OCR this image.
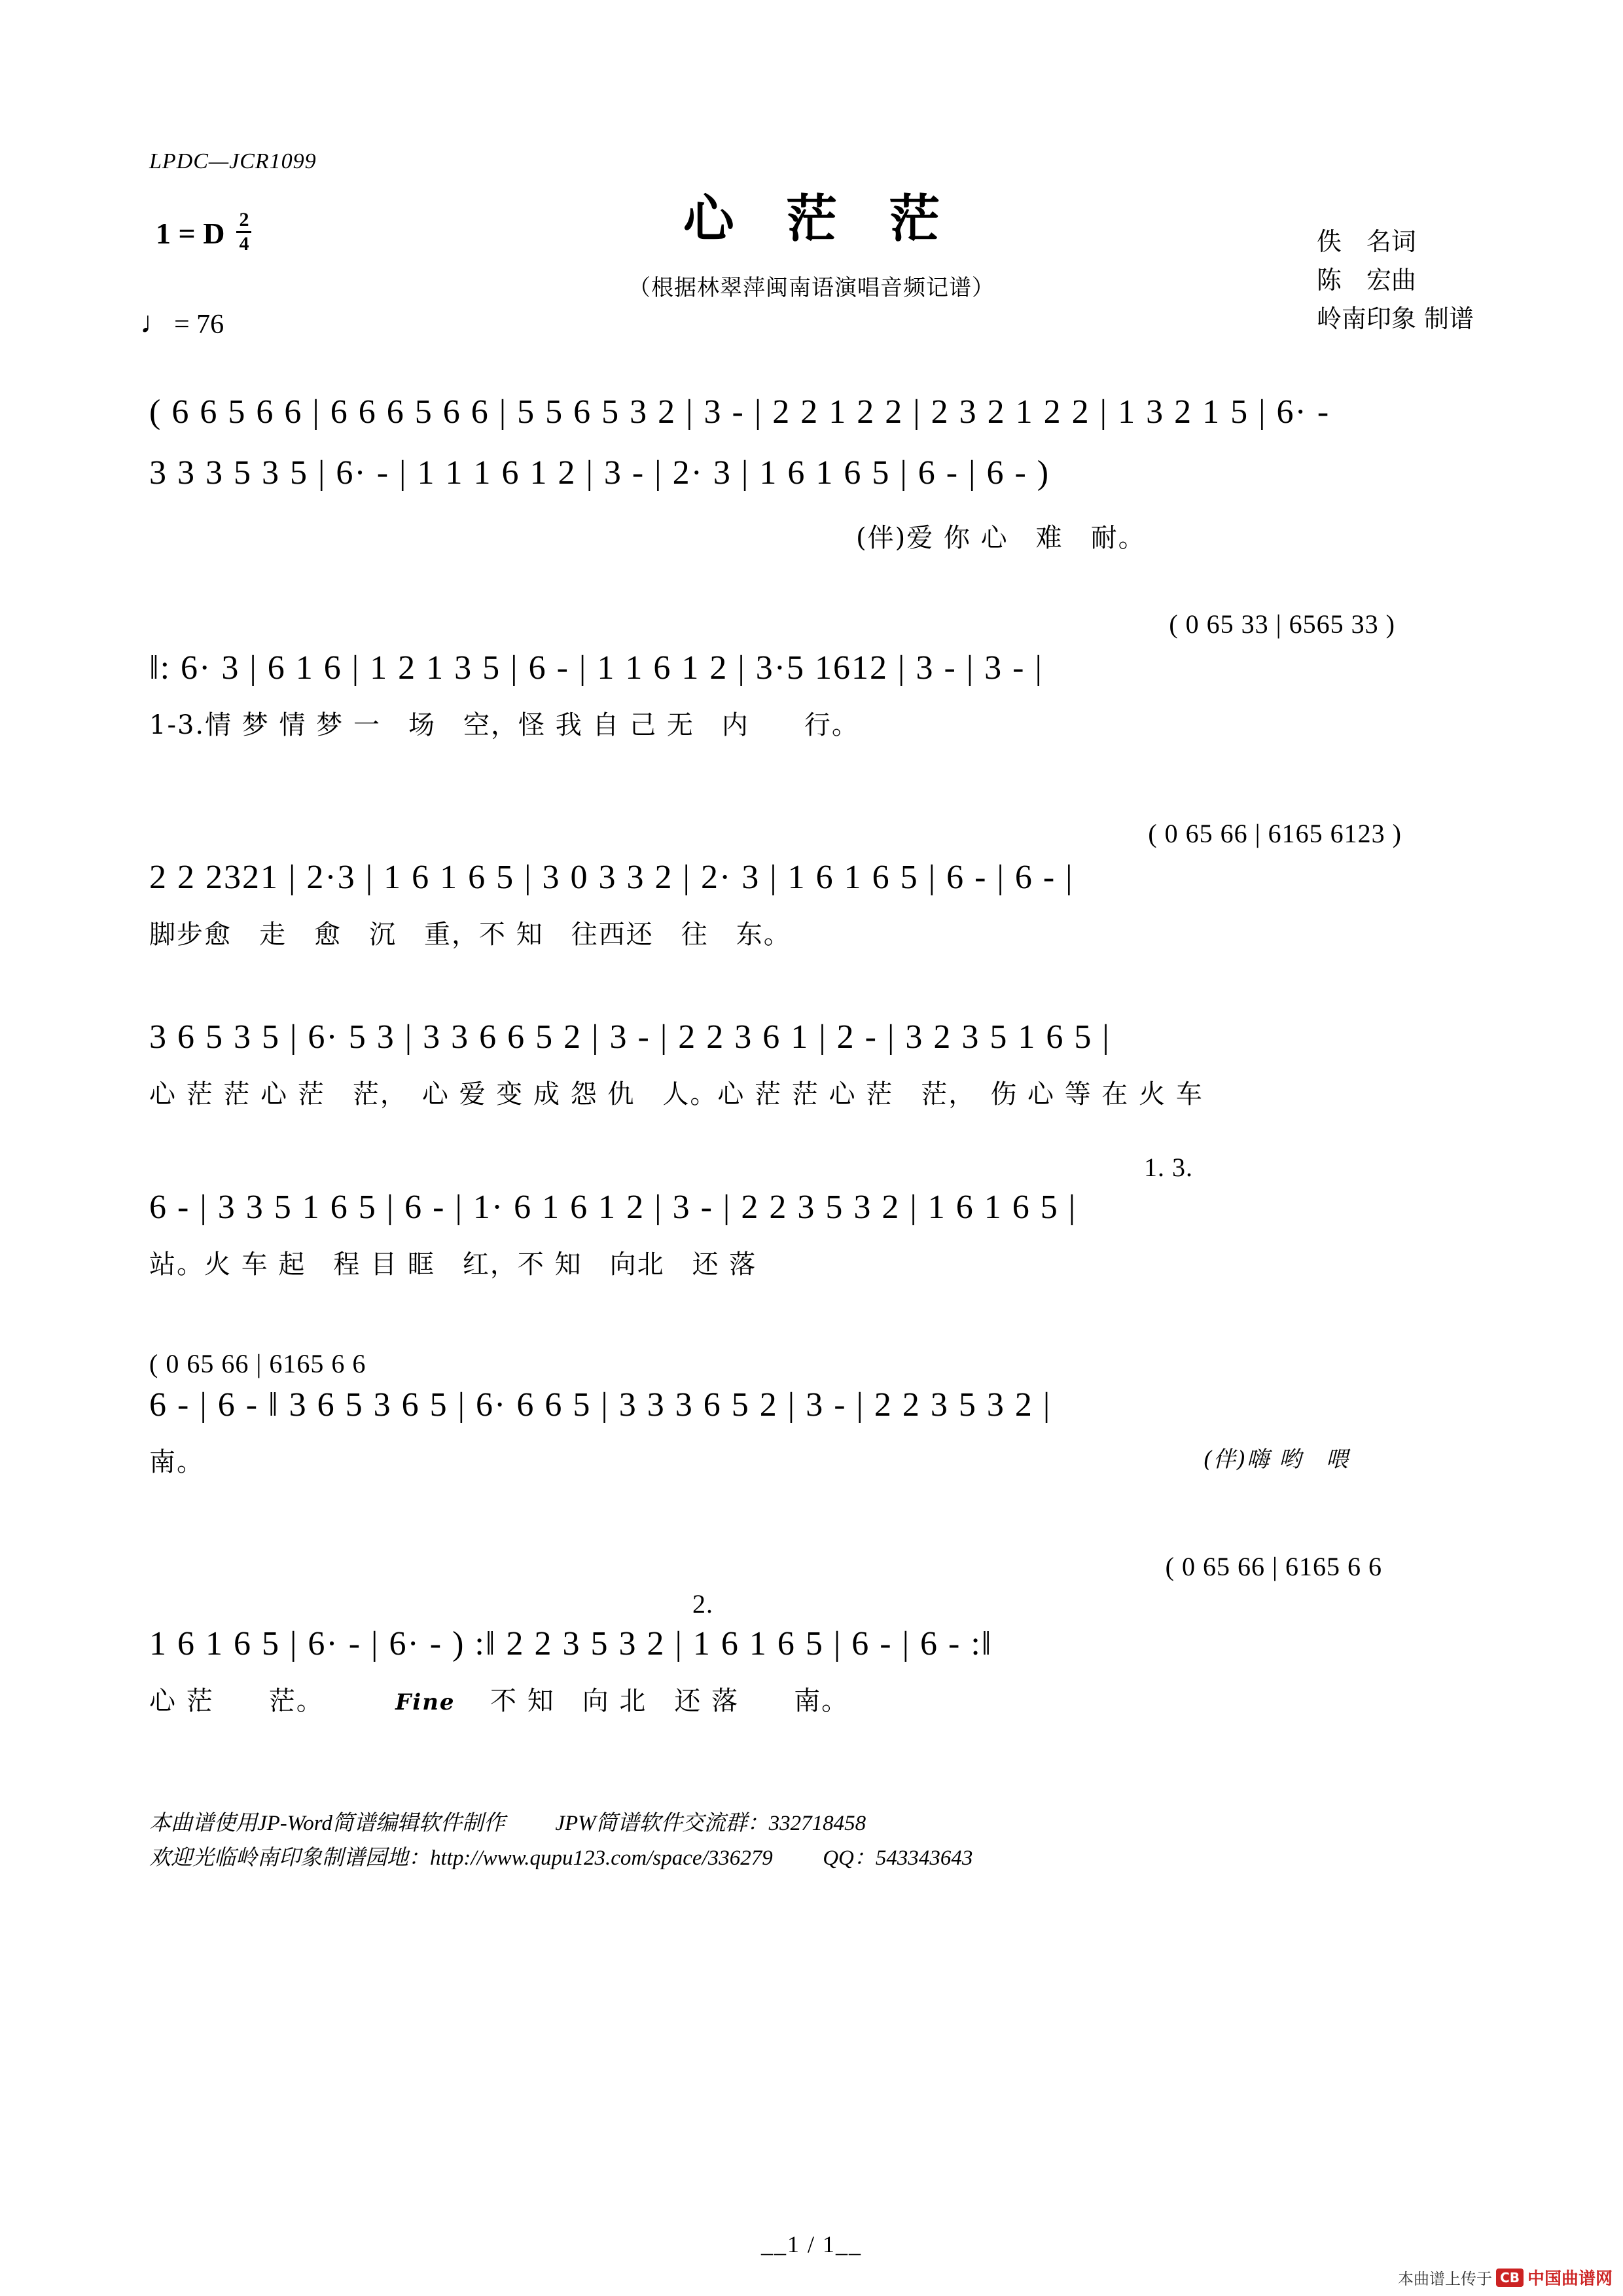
LPDC—JCR1099
心 茫 茫
（根据林翠萍闽南语演唱音频记谱）
1 = D $\frac{2}{4}$
♩ = 76
佚　名词
陈　宏曲
岭南印象 制谱
( 6 6 5 6 6 | 6 6 6 5 6 6 | 5 5 6 5 3 2 | 3 - | 2 2 1 2 2 | 2 3 2 1 2 2 | 1 3 2 1 5 | 6· -
3 3 3 5 3 5 | 6· - | 1 1 1 6 1 2 | 3 - | 2· 3 | 1 6 1 6 5 | 6 - | 6 - )
(伴)爱 你 心　难　耐。
( 0 65 33 | 6565 33 )
‖: 6· 3 | 6 1 6 | 1 2 1 3 5 | 6 - | 1 1 6 1 2 | 3·5 1612 | 3 - | 3 - |
1-3.情 梦 情 梦 一　场　空，怪 我 自 己 无　内　　行。
( 0 65 66 | 6165 6123 )
2 2 2321 | 2·3 | 1 6 1 6 5 | 3 0 3 3 2 | 2· 3 | 1 6 1 6 5 | 6 - | 6 - |
脚步愈　走　愈　沉　重，不 知　往西还　往　东。
3 6 5 3 5 | 6· 5 3 | 3 3 6 6 5 2 | 3 - | 2 2 3 6 1 | 2 - | 3 2 3 5 1 6 5 |
心 茫 茫 心 茫　茫，　心 爱 变 成 怨 仇　人。心 茫 茫 心 茫　茫，　伤 心 等 在 火 车
1. 3.
6 - | 3 3 5 1 6 5 | 6 - | 1· 6 1 6 1 2 | 3 - | 2 2 3 5 3 2 | 1 6 1 6 5 |
站。火 车 起　程 目 眶　红，不 知　向北　还 落
( 0 65 66 | 6165 6 6
6 - | 6 - ‖ 3 6 5 3 6 5 | 6· 6 6 5 | 3 3 3 6 5 2 | 3 - | 2 2 3 5 3 2 |
南。	(伴)嗨 哟　喂
( 0 65 66 | 6165 6 6
2.
1 6 1 6 5 | 6· - | 6· - ) :‖ 2 2 3 5 3 2 | 1 6 1 6 5 | 6 - | 6 - :‖
心 茫　　茫。	Fine 不 知　向 北　还 落　　南。
本曲谱使用JP-Word简谱编辑软件制作 JPW简谱软件交流群：332718458
欢迎光临岭南印象制谱园地：http://www.qupu123.com/space/336279 QQ：543343643
__1 / 1__
本曲谱上传于 CB 中国曲谱网
